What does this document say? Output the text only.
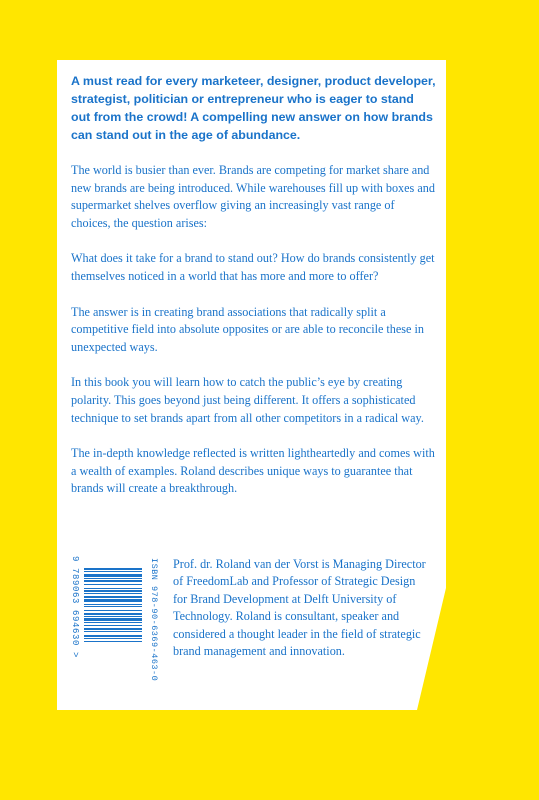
A must read for every marketeer, designer, product developer, strategist, politician or entrepreneur who is eager to stand out from the crowd! A compelling new answer on how brands can stand out in the age of abundance.

The world is busier than ever. Brands are competing for market share and new brands are being introduced. While warehouses fill up with boxes and supermarket shelves overflow giving an increasingly vast range of choices, the question arises:

What does it take for a brand to stand out? How do brands consistently get themselves noticed in a world that has more and more to offer?

The answer is in creating brand associations that radically split a competitive field into absolute opposites or are able to reconcile these in unexpected ways.

In this book you will learn how to catch the public’s eye by creating polarity. This goes beyond just being different. It offers a sophisticated technique to set brands apart from all other competitors in a radical way.

The in-depth knowledge reflected is written lightheartedly and comes with a wealth of examples. Roland describes unique ways to guarantee that brands will create a breakthrough.

9 789063 694630 >	ISBN 978-90-6369-463-0 Prof. dr. Roland van der Vorst is Managing Director of FreedomLab and Professor of Strategic Design for Brand Development at Delft University of Technology. Roland is consultant, speaker and considered a thought leader in the field of strategic brand management and innovation.
